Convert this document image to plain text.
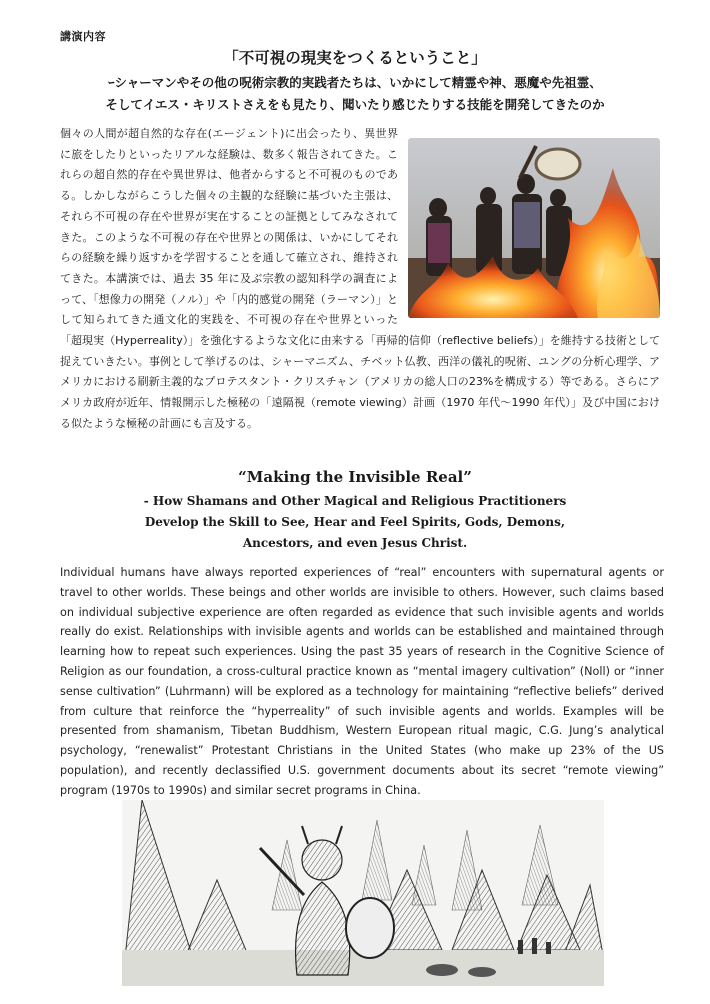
講演内容
「不可視の現実をつくるということ」
ｰシャーマンやその他の呪術宗教的実践者たちは、いかにして精霊や神、悪魔や先祖霊、
そしてイエス・キリストさえをも見たり、聞いたり感じたりする技能を開発してきたのか
個々の人間が超自然的な存在(エージェント)に出会ったり、異世界に旅をしたりといったリアルな経験は、数多く報告されてきた。これらの超自然的存在や異世界は、他者からすると不可視のものである。しかしながらこうした個々の主観的な経験に基づいた主張は、それら不可視の存在や世界が実在することの証拠としてみなされてきた。このような不可視の存在や世界との関係は、いかにしてそれらの経験を繰り返すかを学習することを通して確立され、維持されてきた。本講演では、過去 35 年に及ぶ宗教の認知科学の調査によって、「想像力の開発（ノル）」や「内的感覚の開発（ラーマン）」として知られてきた通文化的実践を、不可視の存在や世界といった「超現実（Hyperreality）」を強化するような文化に由来する「再帰的信仰（reflective beliefs）」を維持する技術として捉えていきたい。事例として挙げるのは、シャーマニズム、チベット仏教、西洋の儀礼的呪術、ユングの分析心理学、アメリカにおける刷新主義的なプロテスタント・クリスチャン（アメリカの総人口の23%を構成する）等である。さらにアメリカ政府が近年、情報開示した極秘の「遠隔視（remote viewing）計画（1970 年代〜1990 年代）」及び中国における似たような極秘の計画にも言及する。
“Making the Invisible Real”
- How Shamans and Other Magical and Religious Practitioners
Develop the Skill to See, Hear and Feel Spirits, Gods, Demons,
Ancestors, and even Jesus Christ.

Individual humans have always reported experiences of “real” encounters with supernatural agents or travel to other worlds. These beings and other worlds are invisible to others. However, such claims based on individual subjective experience are often regarded as evidence that such invisible agents and worlds really do exist. Relationships with invisible agents and worlds can be established and maintained through learning how to repeat such experiences. Using the past 35 years of research in the Cognitive Science of Religion as our foundation, a cross-cultural practice known as “mental imagery cultivation” (Noll) or “inner sense cultivation” (Luhrmann) will be explored as a technology for maintaining “reflective beliefs” derived from culture that reinforce the “hyperreality” of such invisible agents and worlds. Examples will be presented from shamanism, Tibetan Buddhism, Western European ritual magic, C.G. Jung’s analytical psychology, “renewalist” Protestant Christians in the United States (who make up 23% of the US population), and recently declassified U.S. government documents about its secret “remote viewing” program (1970s to 1990s) and similar secret programs in China.
